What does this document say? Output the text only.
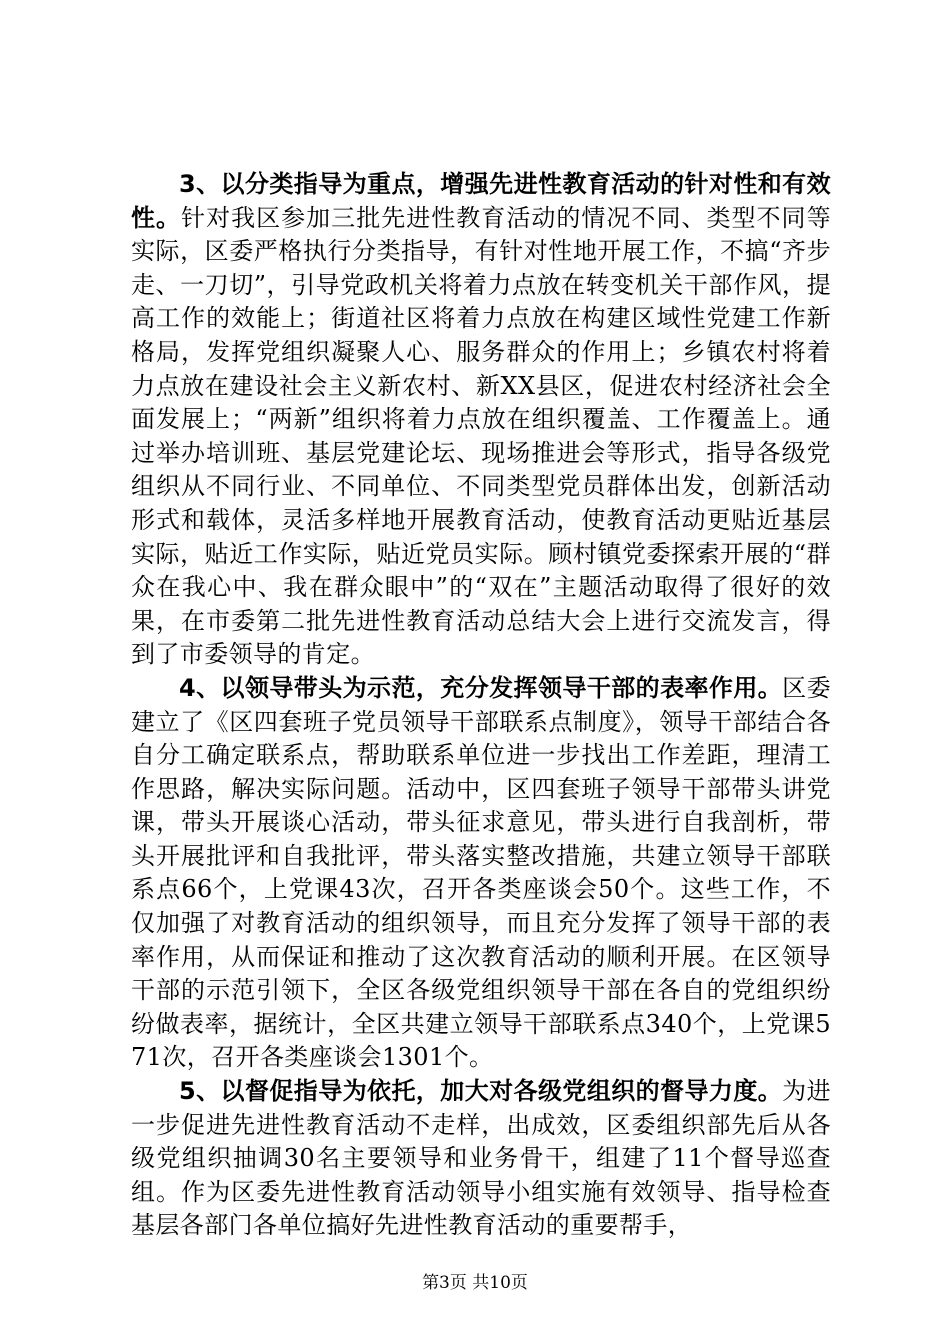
3、以分类指导为重点，增强先进性教育活动的针对性和有效性。针对我区参加三批先进性教育活动的情况不同、类型不同等实际，区委严格执行分类指导，有针对性地开展工作，不搞“齐步走、一刀切”，引导党政机关将着力点放在转变机关干部作风，提高工作的效能上；街道社区将着力点放在构建区域性党建工作新格局，发挥党组织凝聚人心、服务群众的作用上；乡镇农村将着力点放在建设社会主义新农村、新XX县区，促进农村经济社会全面发展上；“两新”组织将着力点放在组织覆盖、工作覆盖上。通过举办培训班、基层党建论坛、现场推进会等形式，指导各级党组织从不同行业、不同单位、不同类型党员群体出发，创新活动形式和载体，灵活多样地开展教育活动，使教育活动更贴近基层实际，贴近工作实际，贴近党员实际。顾村镇党委探索开展的“群众在我心中、我在群众眼中”的“双在”主题活动取得了很好的效果，在市委第二批先进性教育活动总结大会上进行交流发言，得到了市委领导的肯定。

4、以领导带头为示范，充分发挥领导干部的表率作用。区委建立了《区四套班子党员领导干部联系点制度》，领导干部结合各自分工确定联系点，帮助联系单位进一步找出工作差距，理清工作思路，解决实际问题。活动中，区四套班子领导干部带头讲党课，带头开展谈心活动，带头征求意见，带头进行自我剖析，带头开展批评和自我批评，带头落实整改措施，共建立领导干部联系点66个，上党课43次，召开各类座谈会50个。这些工作，不仅加强了对教育活动的组织领导，而且充分发挥了领导干部的表率作用，从而保证和推动了这次教育活动的顺利开展。在区领导干部的示范引领下，全区各级党组织领导干部在各自的党组织纷纷做表率，据统计，全区共建立领导干部联系点340个，上党课571次，召开各类座谈会1301个。

5、以督促指导为依托，加大对各级党组织的督导力度。为进一步促进先进性教育活动不走样，出成效，区委组织部先后从各级党组织抽调30名主要领导和业务骨干，组建了11个督导巡查组。作为区委先进性教育活动领导小组实施有效领导、指导检查基层各部门各单位搞好先进性教育活动的重要帮手，

第3页 共10页
